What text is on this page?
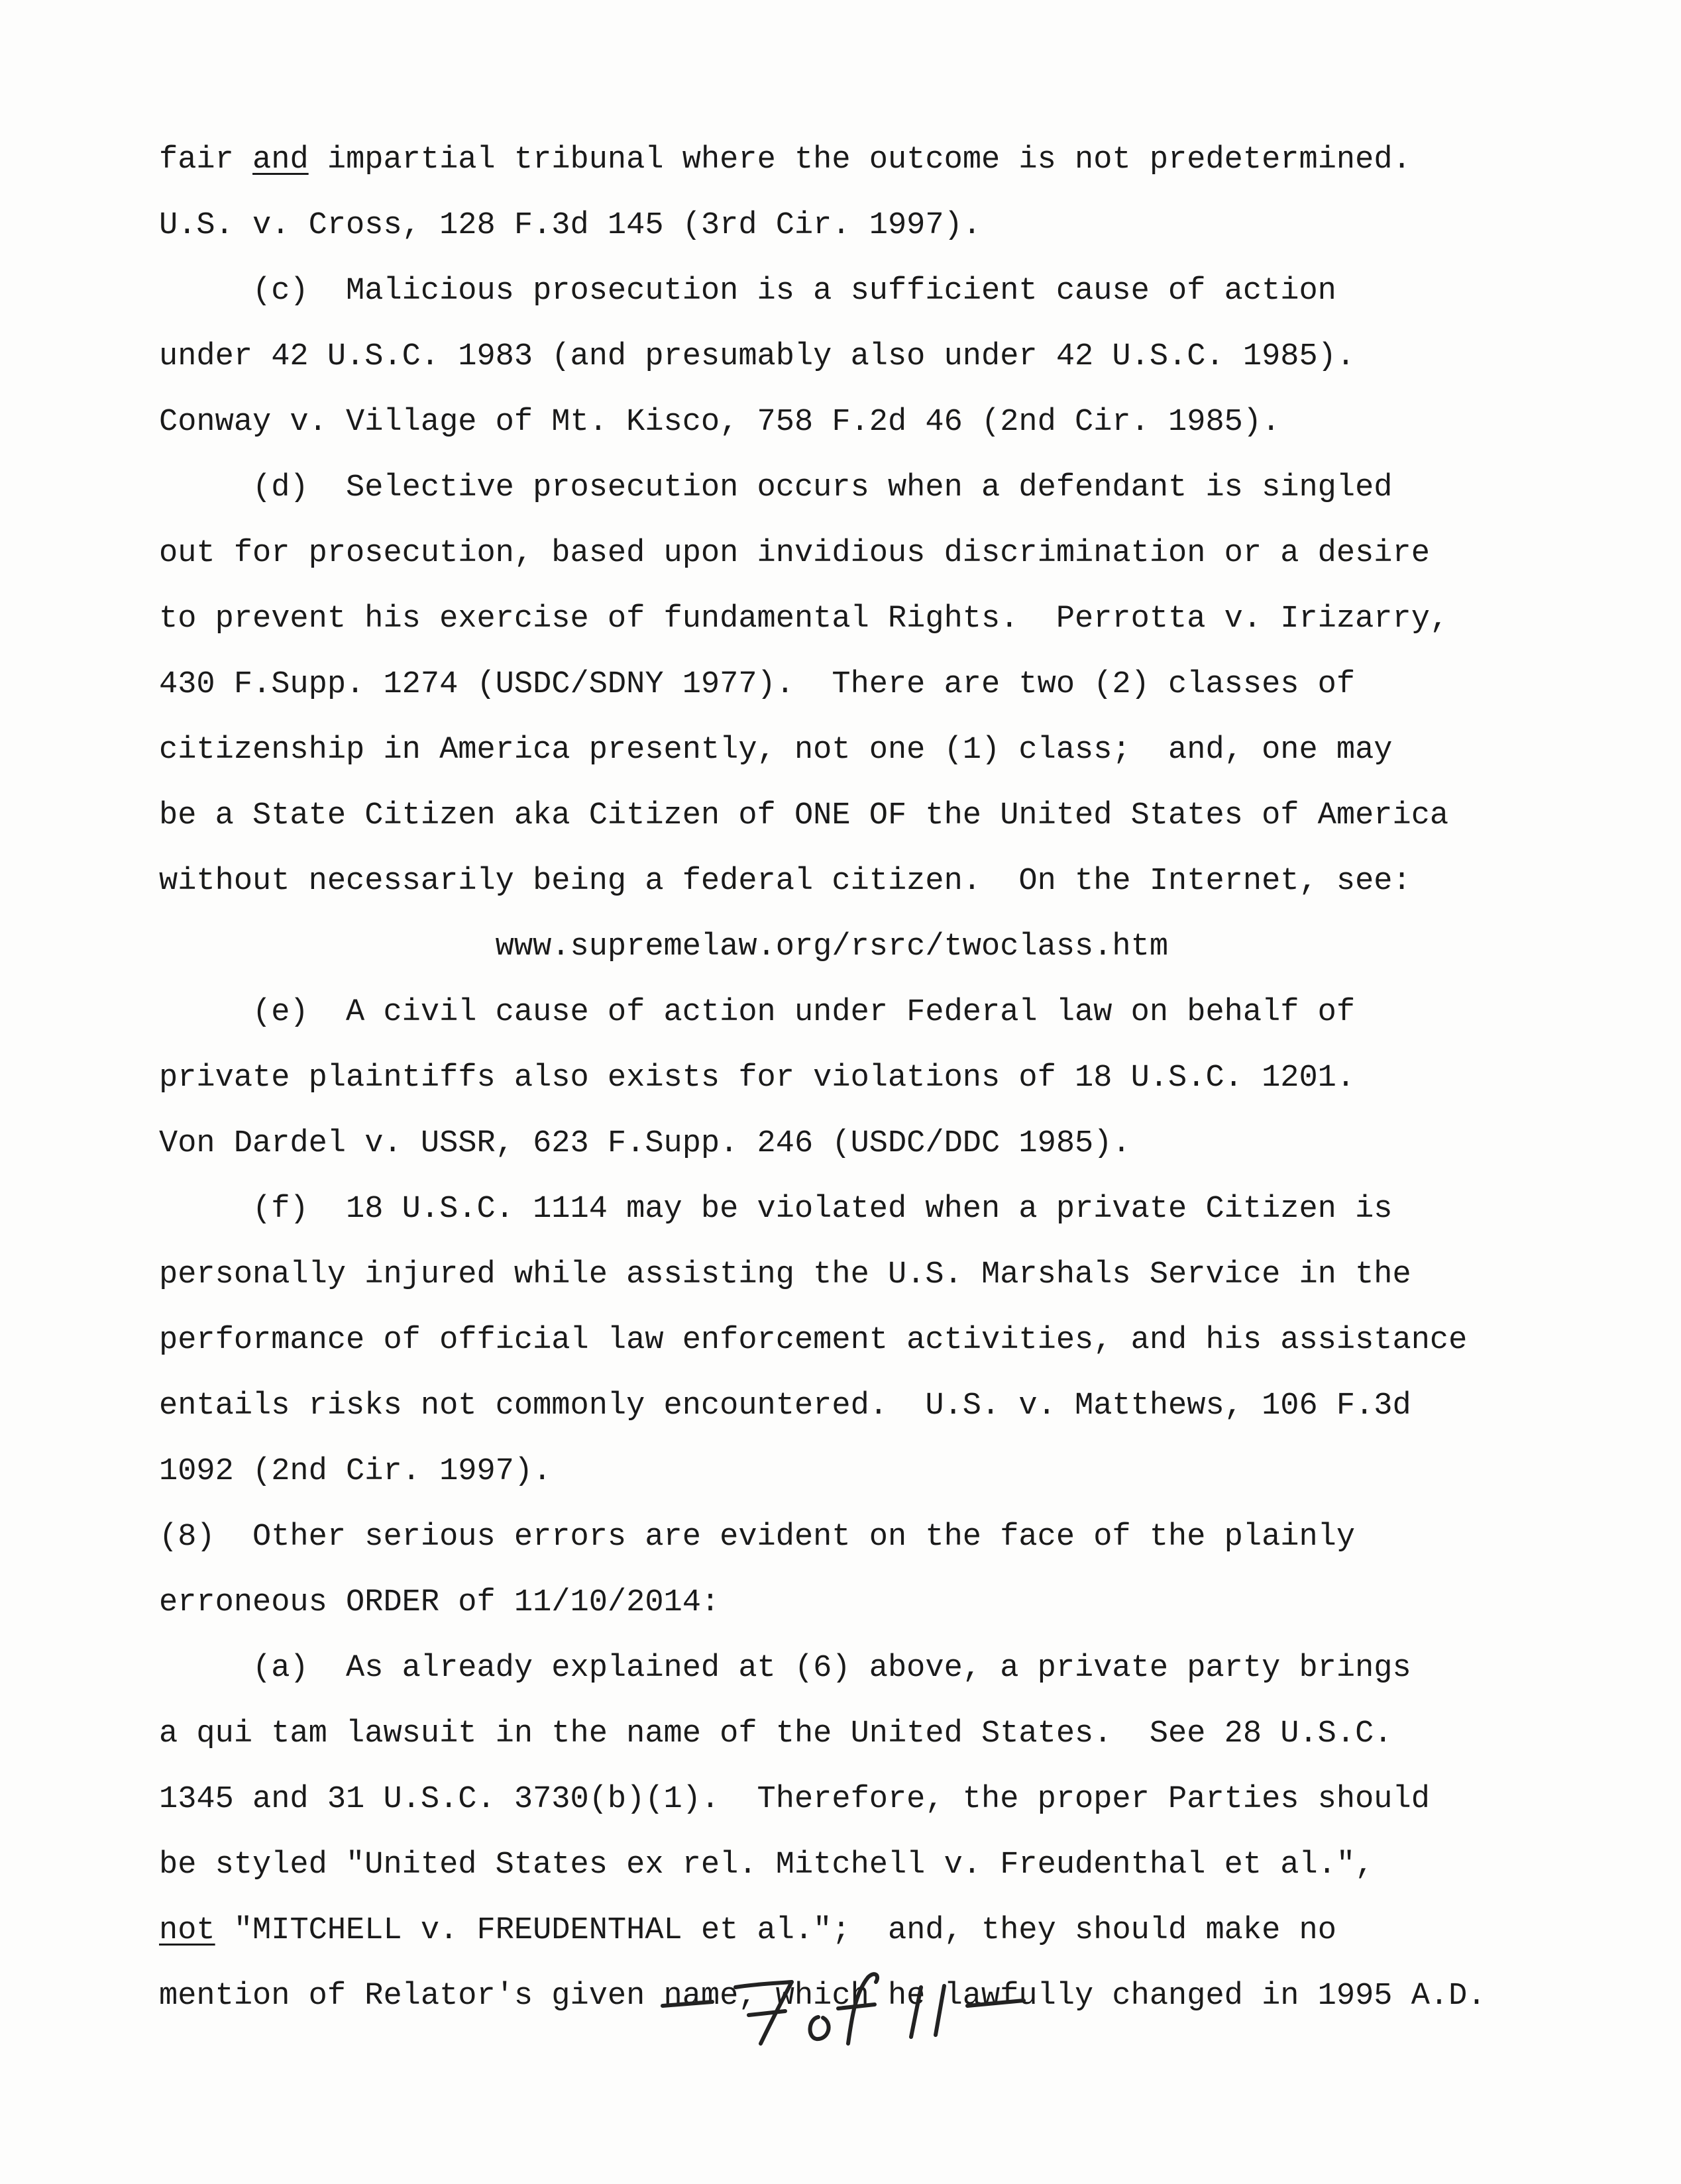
fair and impartial tribunal where the outcome is not predetermined.
U.S. v. Cross, 128 F.3d 145 (3rd Cir. 1997).
(c)  Malicious prosecution is a sufficient cause of action
under 42 U.S.C. 1983 (and presumably also under 42 U.S.C. 1985).
Conway v. Village of Mt. Kisco, 758 F.2d 46 (2nd Cir. 1985).
(d)  Selective prosecution occurs when a defendant is singled
out for prosecution, based upon invidious discrimination or a desire
to prevent his exercise of fundamental Rights.  Perrotta v. Irizarry,
430 F.Supp. 1274 (USDC/SDNY 1977).  There are two (2) classes of
citizenship in America presently, not one (1) class;  and, one may
be a State Citizen aka Citizen of ONE OF the United States of America
without necessarily being a federal citizen.  On the Internet, see:
www.supremelaw.org/rsrc/twoclass.htm
(e)  A civil cause of action under Federal law on behalf of
private plaintiffs also exists for violations of 18 U.S.C. 1201.
Von Dardel v. USSR, 623 F.Supp. 246 (USDC/DDC 1985).
(f)  18 U.S.C. 1114 may be violated when a private Citizen is
personally injured while assisting the U.S. Marshals Service in the
performance of official law enforcement activities, and his assistance
entails risks not commonly encountered.  U.S. v. Matthews, 106 F.3d
1092 (2nd Cir. 1997).
(8)  Other serious errors are evident on the face of the plainly
erroneous ORDER of 11/10/2014:
(a)  As already explained at (6) above, a private party brings
a qui tam lawsuit in the name of the United States.  See 28 U.S.C.
1345 and 31 U.S.C. 3730(b)(1).  Therefore, the proper Parties should
be styled "United States ex rel. Mitchell v. Freudenthal et al.",
not "MITCHELL v. FREUDENTHAL et al.";  and, they should make no
mention of Relator's given name, which he lawfully changed in 1995 A.D.
